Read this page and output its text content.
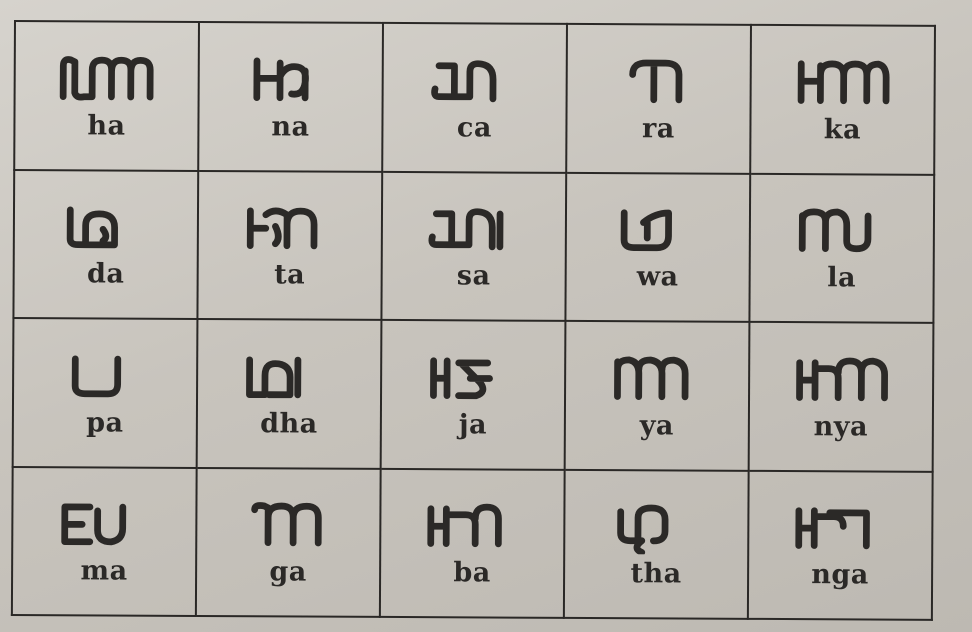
ha	na	ca	ra	ka

da	ta	sa	wa	la

pa	dha	ja	ya	nya

ma	ga	ba	tha	nga
